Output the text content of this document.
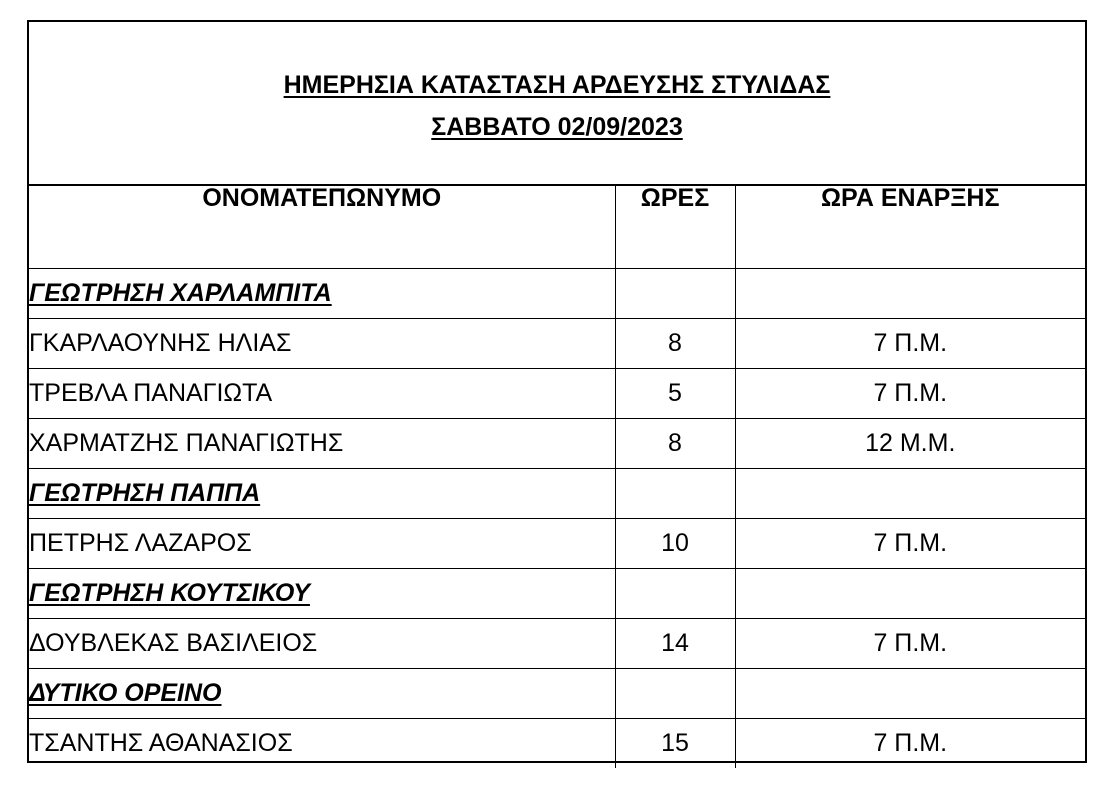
ΗΜΕΡΗΣΙΑ ΚΑΤΑΣΤΑΣΗ ΑΡΔΕΥΣΗΣ ΣΤΥΛΙΔΑΣ
ΣΑΒΒΑΤΟ 02/09/2023
ΟΝΟΜΑΤΕΠΩΝΥΜΟ	ΩΡΕΣ	ΩΡΑ ΕΝΑΡΞΗΣ
ΓΕΩΤΡΗΣΗ ΧΑΡΛΑΜΠΙΤΑ		
ΓΚΑΡΛΑΟΥΝΗΣ ΗΛΙΑΣ	8	7 Π.Μ.
ΤΡΕΒΛΑ ΠΑΝΑΓΙΩΤΑ	5	7 Π.Μ.
ΧΑΡΜΑΤΖΗΣ ΠΑΝΑΓΙΩΤΗΣ	8	12 Μ.Μ.
ΓΕΩΤΡΗΣΗ ΠΑΠΠΑ		
ΠΕΤΡΗΣ ΛΑΖΑΡΟΣ	10	7 Π.Μ.
ΓΕΩΤΡΗΣΗ ΚΟΥΤΣΙΚΟΥ		
ΔΟΥΒΛΕΚΑΣ ΒΑΣΙΛΕΙΟΣ	14	7 Π.Μ.
ΔΥΤΙΚΟ ΟΡΕΙΝΟ		
ΤΣΑΝΤΗΣ ΑΘΑΝΑΣΙΟΣ	15	7 Π.Μ.
